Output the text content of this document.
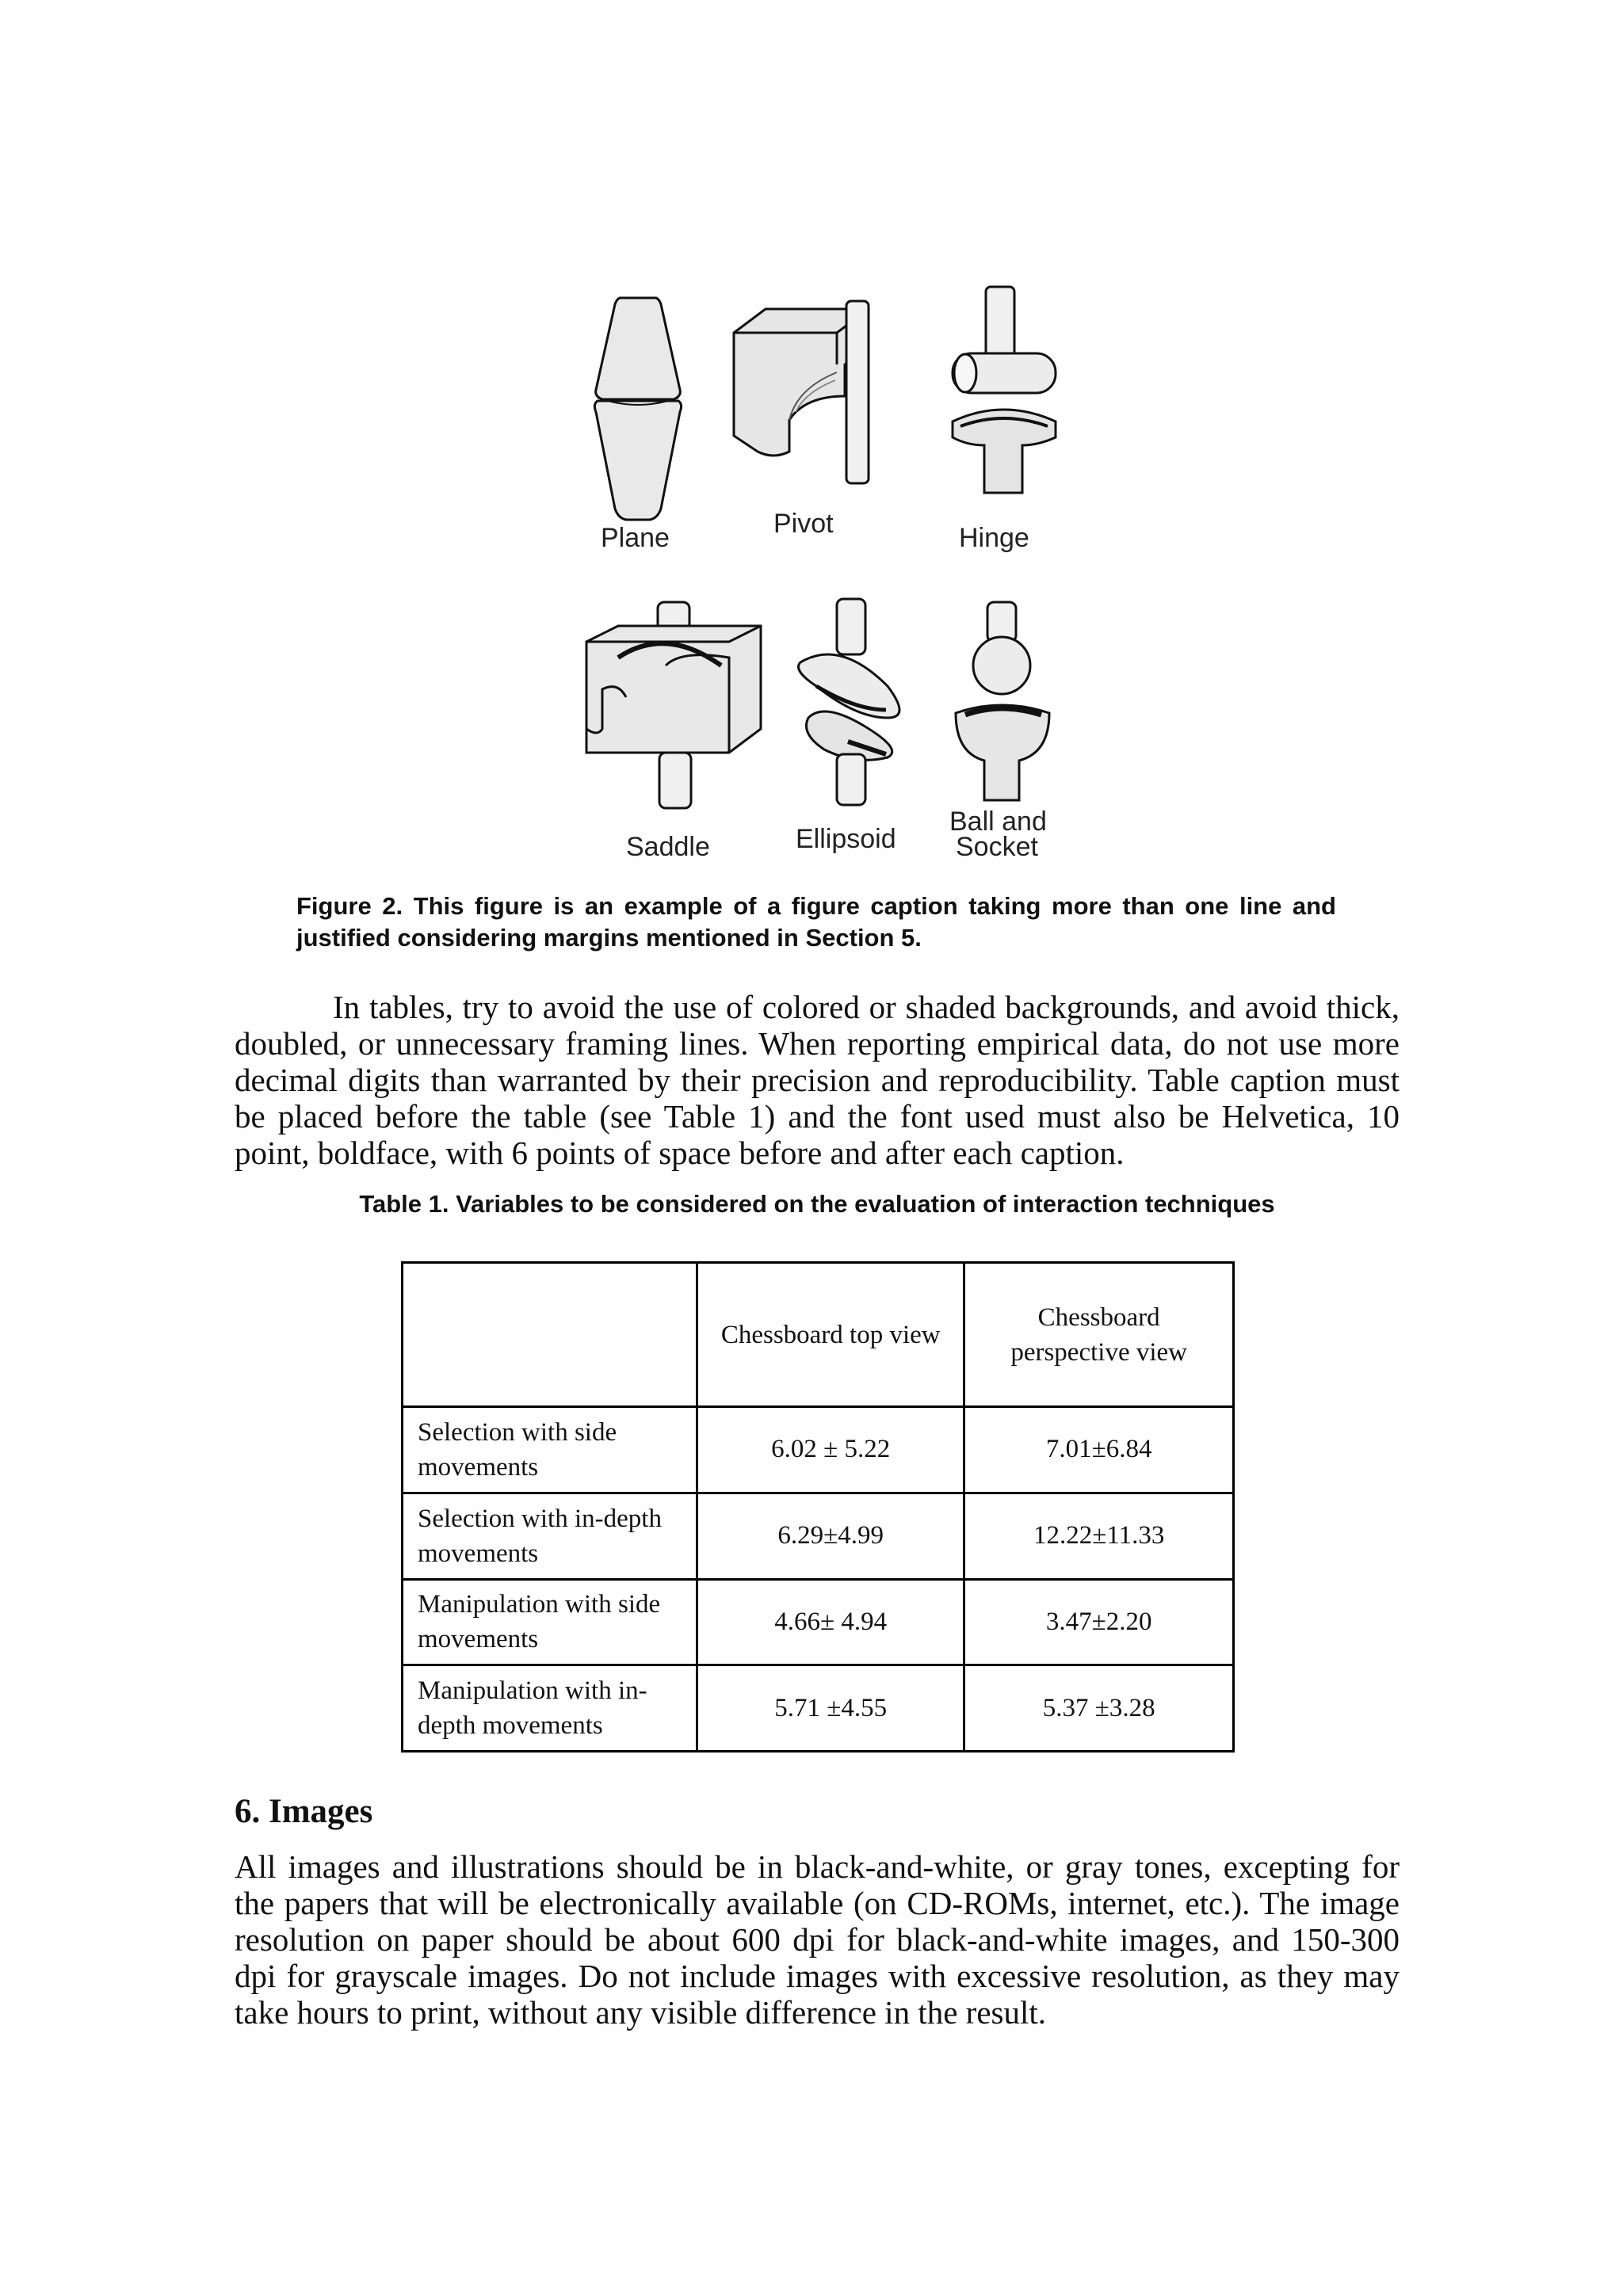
Plane	Pivot	Hinge
Saddle	Ellipsoid
Ball and
Socket
Figure 2. This figure is an example of a figure caption taking more than one line and justified considering margins mentioned in Section 5.

In tables, try to avoid the use of colored or shaded backgrounds, and avoid thick, doubled, or unnecessary framing lines. When reporting empirical data, do not use more decimal digits than warranted by their precision and reproducibility. Table caption must be placed before the table (see Table 1) and the font used must also be Helvetica, 10 point, boldface, with 6 points of space before and after each caption.

Table 1. Variables to be considered on the evaluation of interaction techniques
	Chessboard top view	Chessboard perspective view
Selection with side movements	6.02 ± 5.22	7.01±6.84
Selection with in-depth movements	6.29±4.99	12.22±11.33
Manipulation with side movements	4.66± 4.94	3.47±2.20
Manipulation with in-depth movements	5.71 ±4.55	5.37 ±3.28
6. Images

All images and illustrations should be in black-and-white, or gray tones, excepting for the papers that will be electronically available (on CD-ROMs, internet, etc.). The image resolution on paper should be about 600 dpi for black-and-white images, and 150-300 dpi for grayscale images. Do not include images with excessive resolution, as they may take hours to print, without any visible difference in the result.
